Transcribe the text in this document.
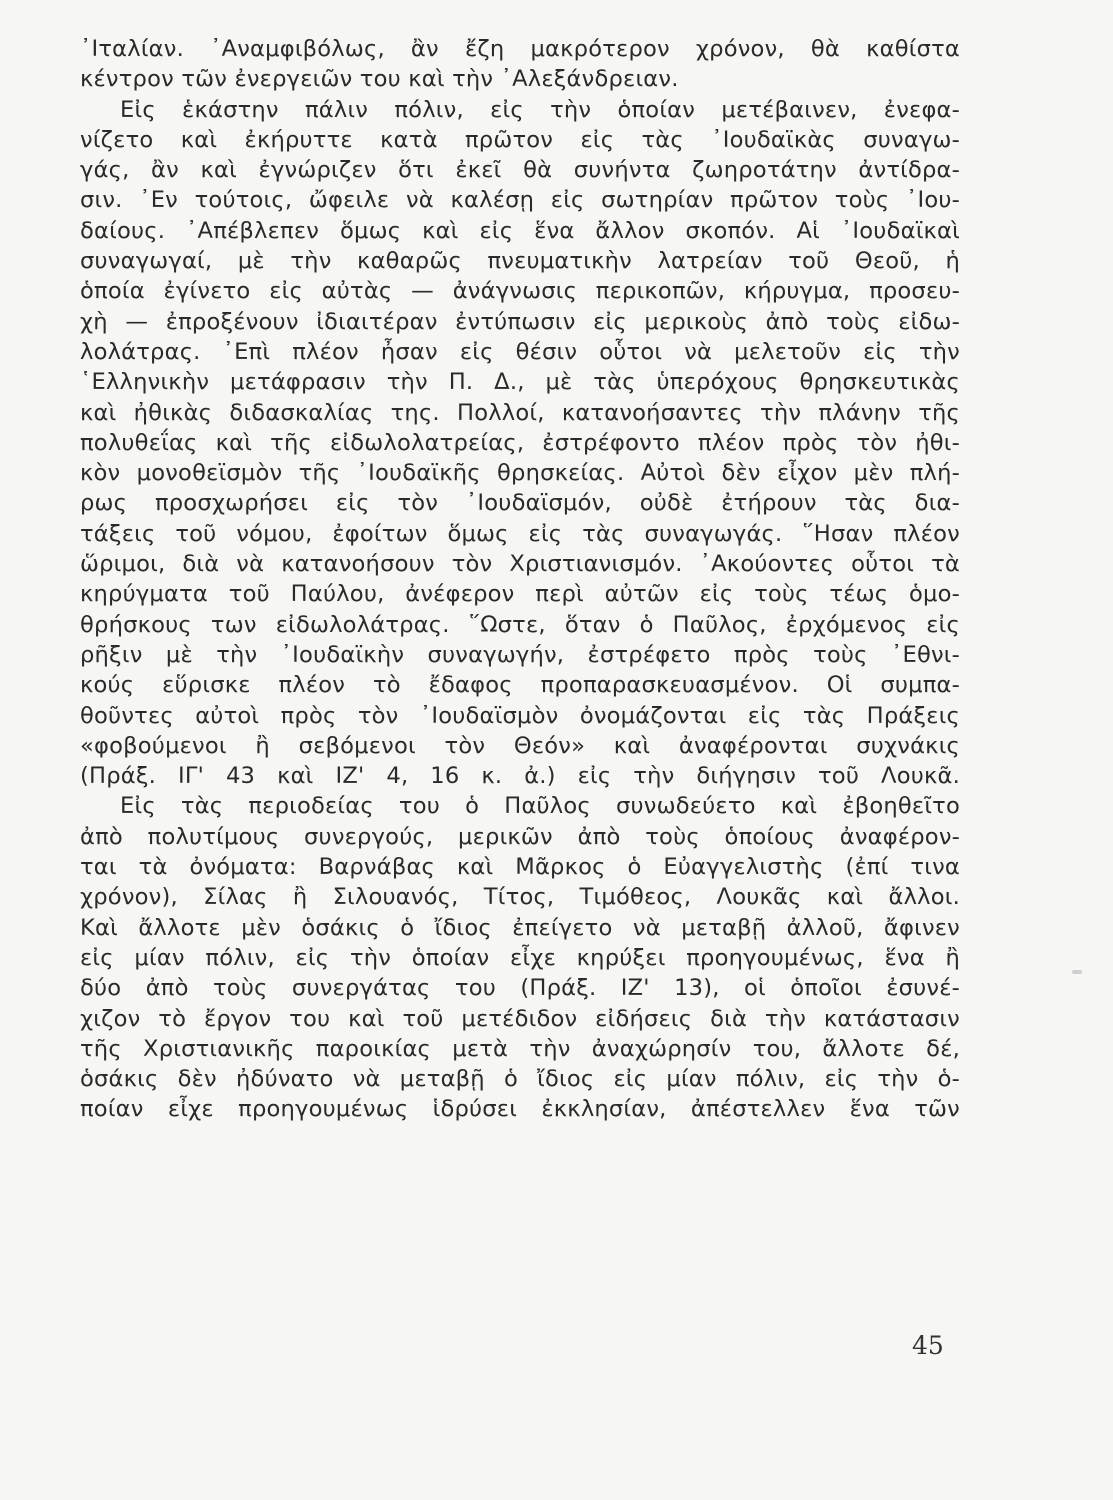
᾿Ιταλίαν. ᾿Αναμφιβόλως, ἂν ἔζη μακρότερον χρόνον, θὰ καθίστα
κέντρον τῶν ἐνεργειῶν του καὶ τὴν ᾿Αλεξάνδρειαν.
Εἰς ἑκάστην πάλιν πόλιν, εἰς τὴν ὁποίαν μετέβαινεν, ἐνεφα-
νίζετο καὶ ἐκήρυττε κατὰ πρῶτον εἰς τὰς ᾿Ιουδαϊκὰς συναγω-
γάς, ἂν καὶ ἐγνώριζεν ὅτι ἐκεῖ θὰ συνήντα ζωηροτάτην ἀντίδρα-
σιν. ᾿Εν τούτοις, ὤφειλε νὰ καλέσῃ εἰς σωτηρίαν πρῶτον τοὺς ᾿Ιου-
δαίους. ᾿Απέβλεπεν ὅμως καὶ εἰς ἕνα ἄλλον σκοπόν. Αἱ ᾿Ιουδαϊκαὶ
συναγωγαί, μὲ τὴν καθαρῶς πνευματικὴν λατρείαν τοῦ Θεοῦ, ἡ
ὁποία ἐγίνετο εἰς αὐτὰς — ἀνάγνωσις περικοπῶν, κήρυγμα, προσευ-
χὴ — ἐπροξένουν ἰδιαιτέραν ἐντύπωσιν εἰς μερικοὺς ἀπὸ τοὺς εἰδω-
λολάτρας. ᾿Επὶ πλέον ἦσαν εἰς θέσιν οὗτοι νὰ μελετοῦν εἰς τὴν
῾Ελληνικὴν μετάφρασιν τὴν Π. Δ., μὲ τὰς ὑπερόχους θρησκευτικὰς
καὶ ἠθικὰς διδασκαλίας της. Πολλοί, κατανοήσαντες τὴν πλάνην τῆς
πολυθεΐας καὶ τῆς εἰδωλολατρείας, ἐστρέφοντο πλέον πρὸς τὸν ἠθι-
κὸν μονοθεϊσμὸν τῆς ᾿Ιουδαϊκῆς θρησκείας. Αὐτοὶ δὲν εἶχον μὲν πλή-
ρως προσχωρήσει εἰς τὸν ᾿Ιουδαϊσμόν, οὐδὲ ἐτήρουν τὰς δια-
τάξεις τοῦ νόμου, ἐφοίτων ὅμως εἰς τὰς συναγωγάς. ῞Ησαν πλέον
ὥριμοι, διὰ νὰ κατανοήσουν τὸν Χριστιανισμόν. ᾿Ακούοντες οὗτοι τὰ
κηρύγματα τοῦ Παύλου, ἀνέφερον περὶ αὐτῶν εἰς τοὺς τέως ὁμο-
θρήσκους των εἰδωλολάτρας. ῞Ωστε, ὅταν ὁ Παῦλος, ἐρχόμενος εἰς
ρῆξιν μὲ τὴν ᾿Ιουδαϊκὴν συναγωγήν, ἐστρέφετο πρὸς τοὺς ᾿Εθνι-
κούς εὕρισκε πλέον τὸ ἔδαφος προπαρασκευασμένον. Οἱ συμπα-
θοῦντες αὐτοὶ πρὸς τὸν ᾿Ιουδαϊσμὸν ὀνομάζονται εἰς τὰς Πράξεις
«φοβούμενοι ἢ σεβόμενοι τὸν Θεόν» καὶ ἀναφέρονται συχνάκις
(Πράξ. ΙΓ' 43 καὶ ΙΖ' 4, 16 κ. ἀ.) εἰς τὴν διήγησιν τοῦ Λουκᾶ.
Εἰς τὰς περιοδείας του ὁ Παῦλος συνωδεύετο καὶ ἐβοηθεῖτο
ἀπὸ πολυτίμους συνεργούς, μερικῶν ἀπὸ τοὺς ὁποίους ἀναφέρον-
ται τὰ ὀνόματα: Βαρνάβας καὶ Μᾶρκος ὁ Εὐαγγελιστὴς (ἐπί τινα
χρόνον), Σίλας ἢ Σιλουανός, Τίτος, Τιμόθεος, Λουκᾶς καὶ ἄλλοι.
Καὶ ἄλλοτε μὲν ὁσάκις ὁ ἴδιος ἐπείγετο νὰ μεταβῇ ἀλλοῦ, ἄφινεν
εἰς μίαν πόλιν, εἰς τὴν ὁποίαν εἶχε κηρύξει προηγουμένως, ἕνα ἢ
δύο ἀπὸ τοὺς συνεργάτας του (Πράξ. ΙΖ' 13), οἱ ὁποῖοι ἐσυνέ-
χιζον τὸ ἔργον του καὶ τοῦ μετέδιδον εἰδήσεις διὰ τὴν κατάστασιν
τῆς Χριστιανικῆς παροικίας μετὰ τὴν ἀναχώρησίν του, ἄλλοτε δέ,
ὁσάκις δὲν ἠδύνατο νὰ μεταβῇ ὁ ἴδιος εἰς μίαν πόλιν, εἰς τὴν ὁ-
ποίαν εἶχε προηγουμένως ἱδρύσει ἐκκλησίαν, ἀπέστελλεν ἕνα τῶν
45
